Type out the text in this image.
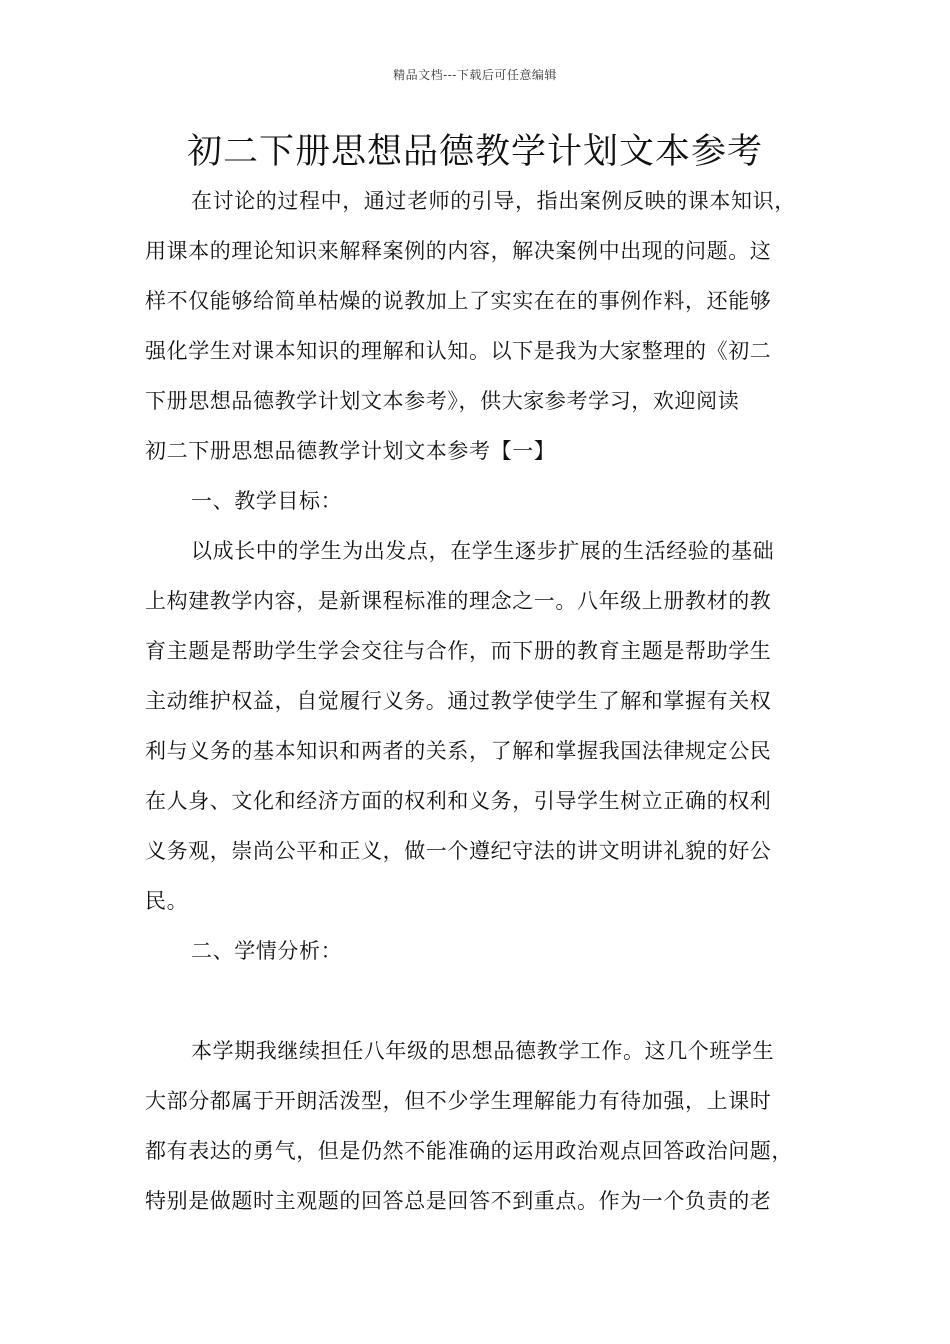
精品文档---下载后可任意编辑
初二下册思想品德教学计划文本参考
在讨论的过程中，通过老师的引导，指出案例反映的课本知识，
用课本的理论知识来解释案例的内容，解决案例中出现的问题。这
样不仅能够给简单枯燥的说教加上了实实在在的事例作料，还能够
强化学生对课本知识的理解和认知。以下是我为大家整理的《初二
下册思想品德教学计划文本参考》，供大家参考学习，欢迎阅读
初二下册思想品德教学计划文本参考【一】
一、教学目标：
以成长中的学生为出发点，在学生逐步扩展的生活经验的基础
上构建教学内容，是新课程标准的理念之一。八年级上册教材的教
育主题是帮助学生学会交往与合作，而下册的教育主题是帮助学生
主动维护权益，自觉履行义务。通过教学使学生了解和掌握有关权
利与义务的基本知识和两者的关系，了解和掌握我国法律规定公民
在人身、文化和经济方面的权利和义务，引导学生树立正确的权利
义务观，崇尚公平和正义，做一个遵纪守法的讲文明讲礼貌的好公
民。
二、学情分析：
本学期我继续担任八年级的思想品德教学工作。这几个班学生
大部分都属于开朗活泼型，但不少学生理解能力有待加强，上课时
都有表达的勇气，但是仍然不能准确的运用政治观点回答政治问题，
特别是做题时主观题的回答总是回答不到重点。作为一个负责的老
